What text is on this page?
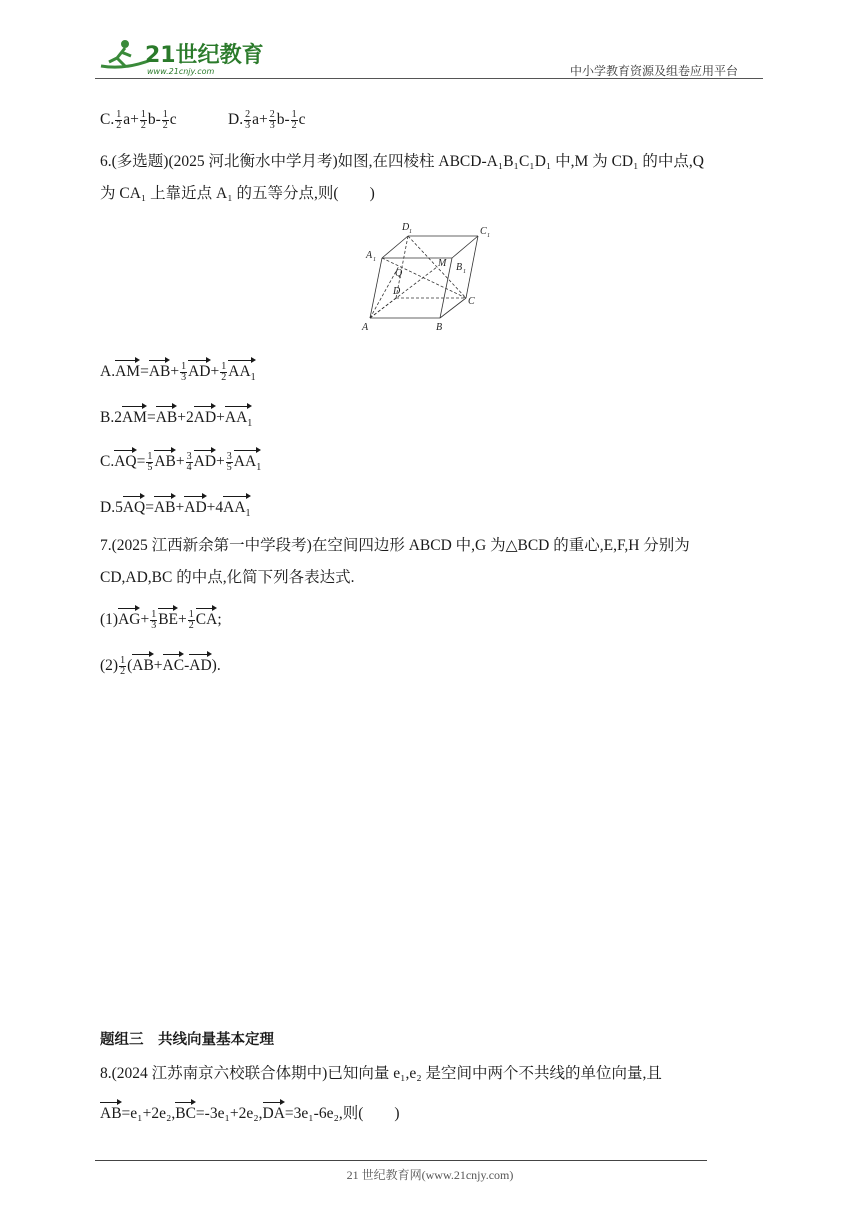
21世纪教育
www.21cnjy.com	中小学教育资源及组卷应用平台
C. $\frac{1}{2} a+ \frac{1}{2} b- \frac{1}{2}$ c	D. $\frac{2}{3} a+ \frac{2}{3} b- \frac{1}{2}$ c
6.(多选题)(2025 河北衡水中学月考)如图,在四棱柱 ABCD-A₁B₁C₁D₁ 中,M 为 CD₁ 的中点,Q
为 CA₁ 上靠近点 A₁ 的五等分点,则(　　)
A	B
C
D
A 1
B 1
C 1
D 1
M
Q
$A.AM=AB+ \frac{1}{3} AD+ \frac{1}{2} AA_1$
$B.2AM=AB+2AD+AA_1$
$C.AQ= \frac{1}{5} AB+ \frac{3}{4} AD+ \frac{3}{5} AA_1$
$D.5AQ=AB+AD+4AA_1$
7.(2025 江西新余第一中学段考)在空间四边形 ABCD 中,G 为△BCD 的重心,E,F,H 分别为
CD,AD,BC 的中点,化简下列各表达式.
$(1)AG+ \frac{1}{3} BE+ \frac{1}{2}$ CA;
$(2) \frac{1}{2} (AB+AC-AD)$.
题组三　共线向量基本定理
8.(2024 江苏南京六校联合体期中)已知向量 e₁,e₂ 是空间中两个不共线的单位向量,且
AB=e₁+2e₂,BC=-3e₁+2e₂,DA=3e₁-6e₂,则(　　)
21 世纪教育网(www.21cnjy.com)
